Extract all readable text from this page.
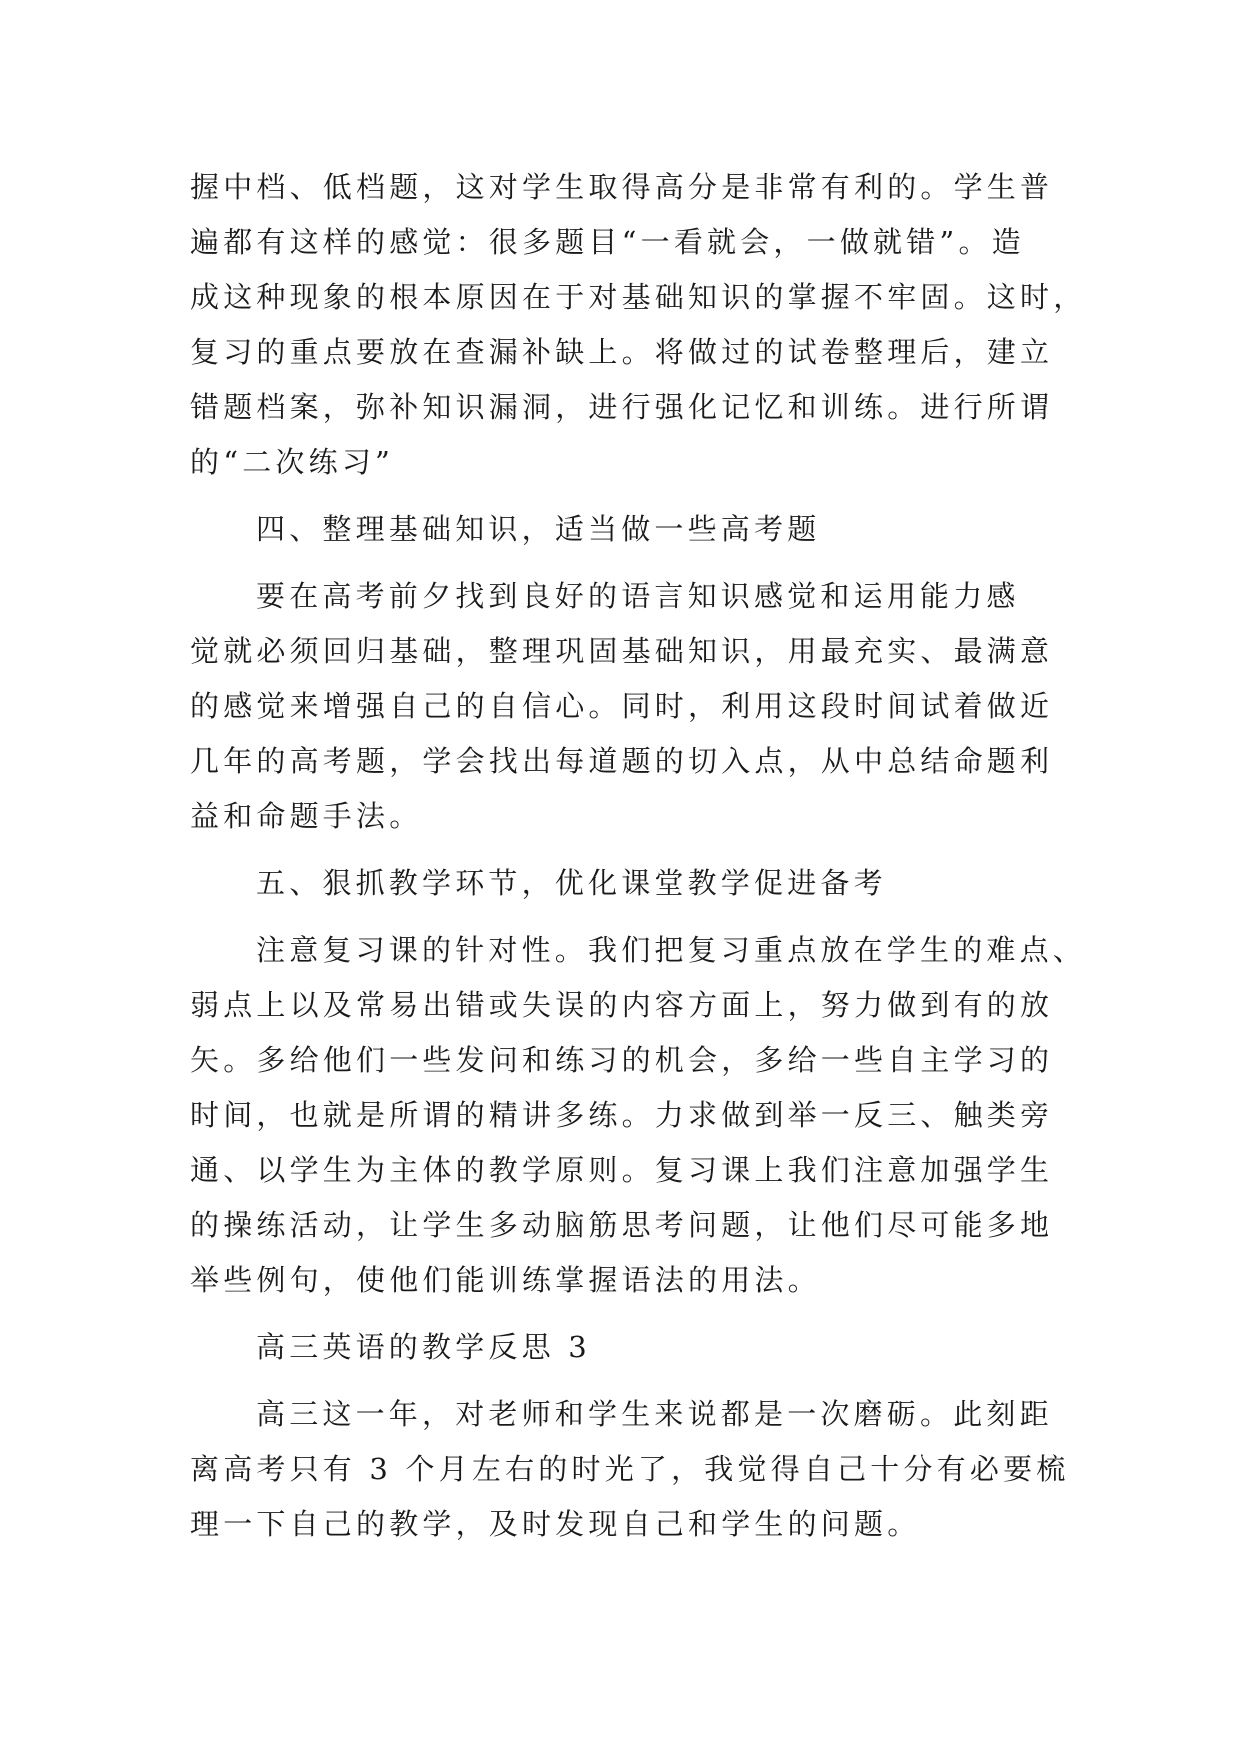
握中档、低档题，这对学生取得高分是非常有利的。学生普
遍都有这样的感觉：很多题目“一看就会，一做就错”。造
成这种现象的根本原因在于对基础知识的掌握不牢固。这时，
复习的重点要放在查漏补缺上。将做过的试卷整理后，建立
错题档案，弥补知识漏洞，进行强化记忆和训练。进行所谓
的“二次练习”
四、整理基础知识，适当做一些高考题
要在高考前夕找到良好的语言知识感觉和运用能力感
觉就必须回归基础，整理巩固基础知识，用最充实、最满意
的感觉来增强自己的自信心。同时，利用这段时间试着做近
几年的高考题，学会找出每道题的切入点，从中总结命题利
益和命题手法。
五、狠抓教学环节，优化课堂教学促进备考
注意复习课的针对性。我们把复习重点放在学生的难点、
弱点上以及常易出错或失误的内容方面上，努力做到有的放
矢。多给他们一些发问和练习的机会，多给一些自主学习的
时间，也就是所谓的精讲多练。力求做到举一反三、触类旁
通、以学生为主体的教学原则。复习课上我们注意加强学生
的操练活动，让学生多动脑筋思考问题，让他们尽可能多地
举些例句，使他们能训练掌握语法的用法。
高三英语的教学反思 3
高三这一年，对老师和学生来说都是一次磨砺。此刻距
离高考只有 3 个月左右的时光了，我觉得自己十分有必要梳
理一下自己的教学，及时发现自己和学生的问题。
